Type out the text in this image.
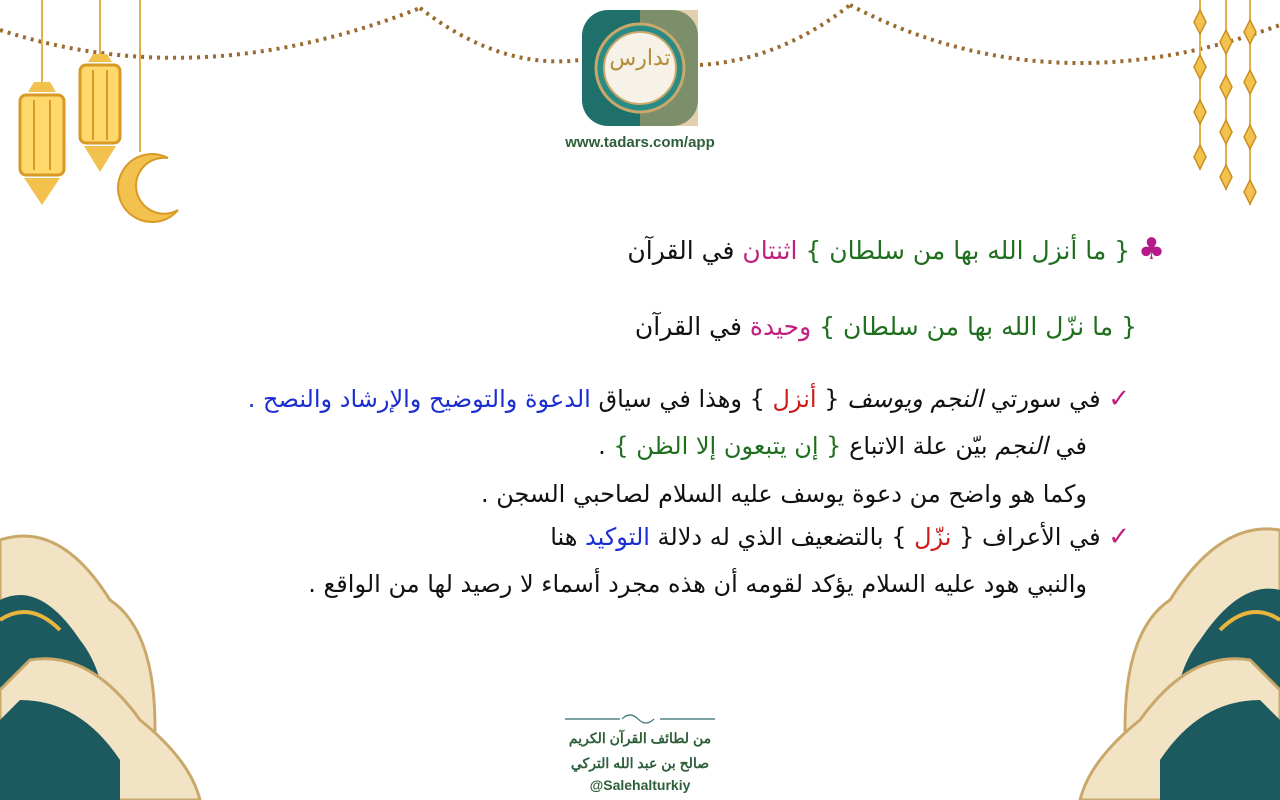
تدارس
www.tadars.com/app
♣ { ما أنزل الله بها من سلطان } اثنتان في القرآن
{ ما نزّل الله بها من سلطان } وحيدة في القرآن
✓ في سورتي النجم ويوسف { أنزل } وهذا في سياق الدعوة والتوضيح والإرشاد والنصح .
في النجم بيّن علة الاتباع { إن يتبعون إلا الظن } .
وكما هو واضح من دعوة يوسف عليه السلام لصاحبي السجن .
✓ في الأعراف { نزّل } بالتضعيف الذي له دلالة التوكيد هنا
والنبي هود عليه السلام يؤكد لقومه أن هذه مجرد أسماء لا رصيد لها من الواقع .
من لطائف القرآن الكريم
صالح بن عبد الله التركي
@Salehalturkiy
